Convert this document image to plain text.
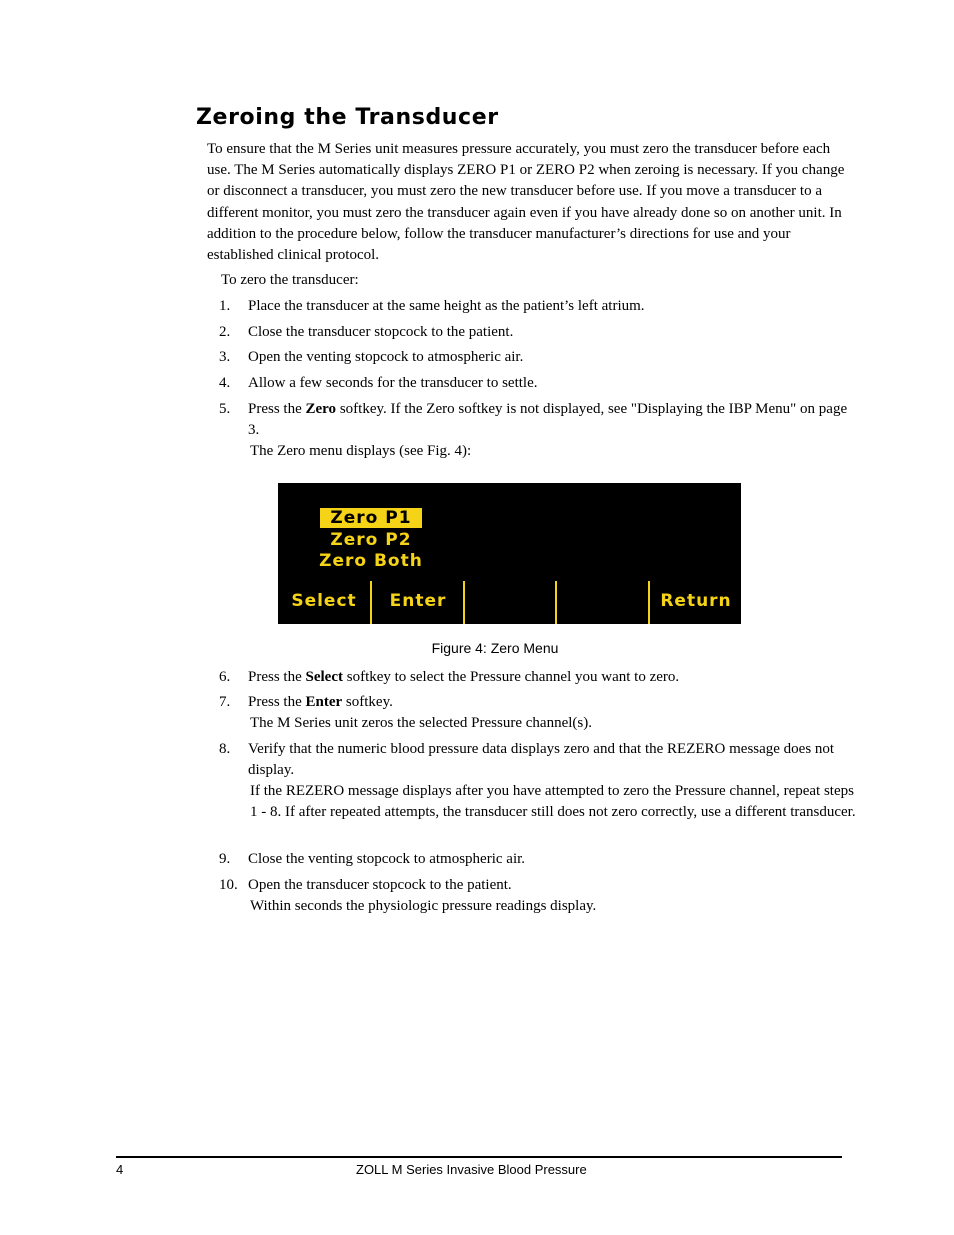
Zeroing the Transducer

To ensure that the M Series unit measures pressure accurately, you must zero the transducer before each use. The M Series automatically displays ZERO P1 or ZERO P2 when zeroing is necessary. If you change or disconnect a transducer, you must zero the new transducer before use. If you move a transducer to a different monitor, you must zero the transducer again even if you have already done so on another unit. In addition to the procedure below, follow the transducer manufacturer’s directions for use and your established clinical protocol.

To zero the transducer:

1. Place the transducer at the same height as the patient’s left atrium.
2. Close the transducer stopcock to the patient.
3. Open the venting stopcock to atmospheric air.
4. Allow a few seconds for the transducer to settle.
5. Press the Zero softkey. If the Zero softkey is not displayed, see "Displaying the IBP Menu" on page 3.
The Zero menu displays (see Fig. 4):
Zero P1
Zero P2
Zero Both
Select	Enter	Return
Figure 4: Zero Menu
6. Press the Select softkey to select the Pressure channel you want to zero.
7. Press the Enter softkey.
The M Series unit zeros the selected Pressure channel(s).
8. Verify that the numeric blood pressure data displays zero and that the REZERO message does not display.
If the REZERO message displays after you have attempted to zero the Pressure channel, repeat steps 1 - 8. If after repeated attempts, the transducer still does not zero correctly, use a different transducer.
9. Close the venting stopcock to atmospheric air.
10. Open the transducer stopcock to the patient.
Within seconds the physiologic pressure readings display.
4	ZOLL M Series Invasive Blood Pressure
